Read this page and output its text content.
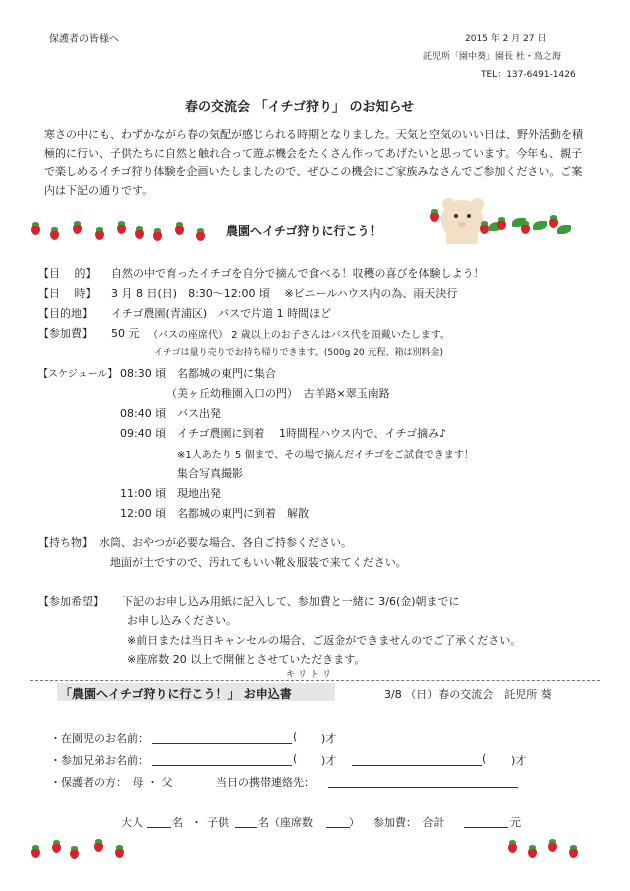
保護者の皆様へ	2015 年 2 月 27 日
託児所「園中葵」園長 杜・鳥之海
TEL：137-6491-1426
春の交流会 「イチゴ狩り」 のお知らせ
寒さの中にも、わずかながら春の気配が感じられる時期となりました。天気と空気のいい日は、野外活動を積極的に行い、子供たちに自然と触れ合って遊ぶ機会をたくさん作ってあげたいと思っています。今年も、親子で楽しめるイチゴ狩り体験を企画いたしましたので、ぜひこの機会にご家族みなさんでご参加ください。ご案内は下記の通りです。
農園へイチゴ狩りに行こう！
【目　 的】 自然の中で育ったイチゴを自分で摘んで食べる！収穫の喜びを体験しよう！
【日　 時】 3 月 8 日(日)　8:30～12:00 頃　 ※ビニールハウス内の為、雨天決行
【目的地】 イチゴ農園(青浦区)　バスで片道 1 時間ほど
【参加費】 50 元 （バスの座席代） 2 歳以上のお子さんはバス代を頂戴いたします。
イチゴは量り売りでお持ち帰りできます。(500g 20 元程、箱は別料金)
【スケジュール】 08:30 頃 名都城の東門に集合
（美ヶ丘幼稚園入口の門）　古羊路×翠玉南路
08:40 頃 バス出発
09:40 頃 イチゴ農園に到着　 1時間程ハウス内で、イチゴ摘み♪
※1人あたり 5 個まで、その場で摘んだイチゴをご試食できます！
集合写真撮影
11:00 頃 現地出発
12:00 頃 名都城の東門に到着　解散
【持ち物】 水筒、おやつが必要な場合、各自ご持参ください。
地面が土ですので、汚れてもいい靴＆服装で来てください。
【参加希望】 下記のお申し込み用紙に記入して、参加費と一緒に 3/6(金)朝までに
お申し込みください。
※前日または当日キャンセルの場合、ご返金ができませんのでご了承ください。
※座席数 20 以上で開催とさせていただきます。
キリトリ
「農園へイチゴ狩りに行こう！」 お申込書	3/8 （日）春の交流会　託児所 葵
・在園児のお名前：	( )才
・参加兄弟お名前：	( )才	( )才
・保護者の方：　母 ・ 父	当日の携帯連絡先：
大人	名 ・ 子供	名（座席数	） 参加費：　合計	元
